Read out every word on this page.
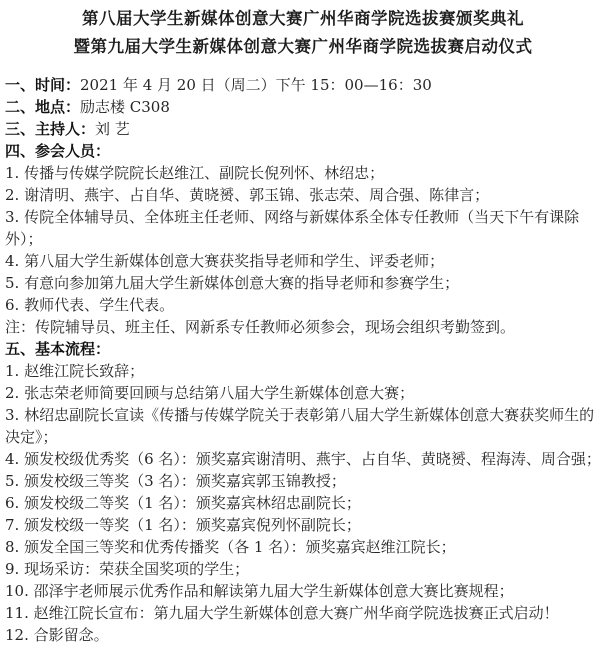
第八届大学生新媒体创意大赛广州华商学院选拔赛颁奖典礼
暨第九届大学生新媒体创意大赛广州华商学院选拔赛启动仪式
一、时间：2021 年 4 月 20 日（周二）下午 15：00—16：30
二、地点：励志楼 C308
三、主持人：刘 艺
四、参会人员：
1. 传播与传媒学院院长赵维江、副院长倪列怀、林绍忠；
2. 谢清明、燕宇、占自华、黄晓赟、郭玉锦、张志荣、周合强、陈律言；
3. 传院全体辅导员、全体班主任老师、网络与新媒体系全体专任教师（当天下午有课除外）；
4. 第八届大学生新媒体创意大赛获奖指导老师和学生、评委老师；
5. 有意向参加第九届大学生新媒体创意大赛的指导老师和参赛学生；
6. 教师代表、学生代表。
注：传院辅导员、班主任、网新系专任教师必须参会，现场会组织考勤签到。
五、基本流程：
1. 赵维江院长致辞；
2. 张志荣老师简要回顾与总结第八届大学生新媒体创意大赛；
3. 林绍忠副院长宣读《传播与传媒学院关于表彰第八届大学生新媒体创意大赛获奖师生的决定》；
4. 颁发校级优秀奖（6 名）：颁奖嘉宾谢清明、燕宇、占自华、黄晓赟、程海涛、周合强；
5. 颁发校级三等奖（3 名）：颁奖嘉宾郭玉锦教授；
6. 颁发校级二等奖（1 名）：颁奖嘉宾林绍忠副院长；
7. 颁发校级一等奖（1 名）：颁奖嘉宾倪列怀副院长；
8. 颁发全国三等奖和优秀传播奖（各 1 名）：颁奖嘉宾赵维江院长；
9. 现场采访：荣获全国奖项的学生；
10. 邵泽宇老师展示优秀作品和解读第九届大学生新媒体创意大赛比赛规程；
11. 赵维江院长宣布：第九届大学生新媒体创意大赛广州华商学院选拔赛正式启动！
12. 合影留念。
